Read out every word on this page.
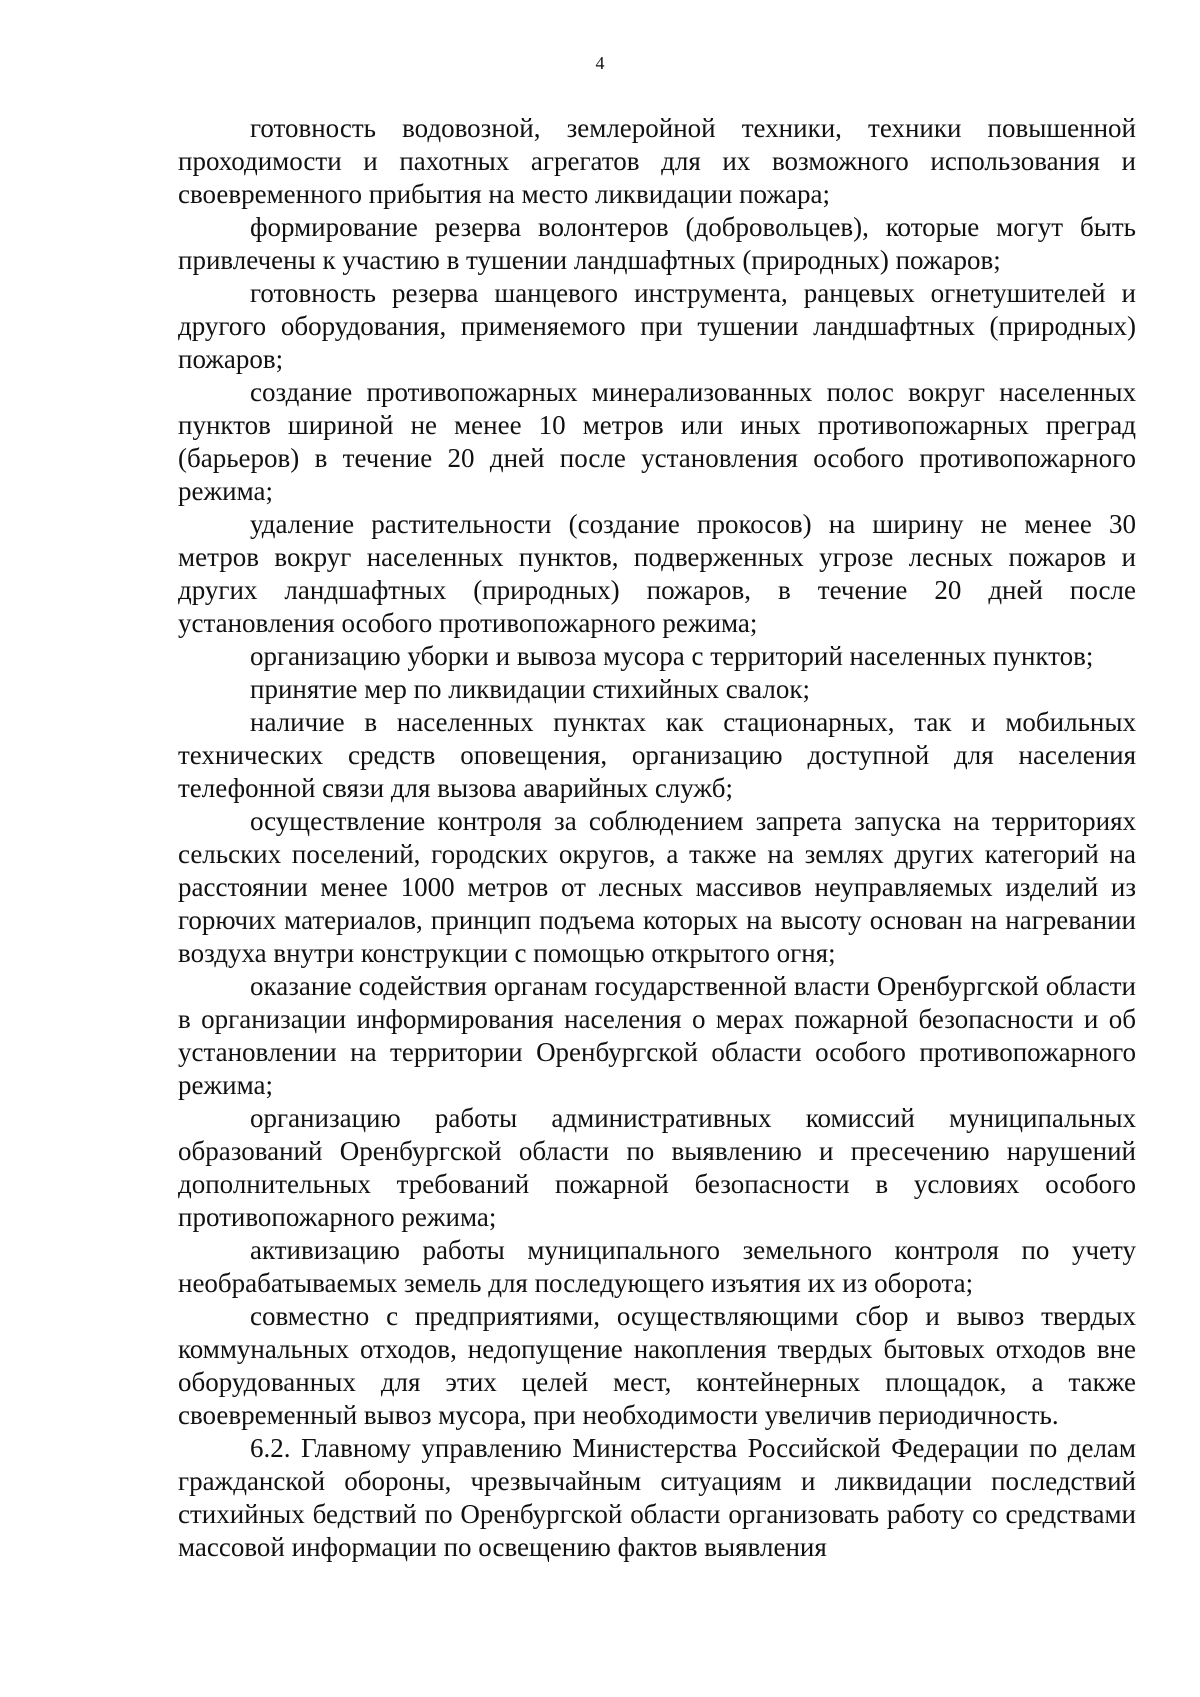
4

готовность водовозной, землеройной техники, техники повышенной проходимости и пахотных агрегатов для их возможного использования и своевременного прибытия на место ликвидации пожара;

формирование резерва волонтеров (добровольцев), которые могут быть привлечены к участию в тушении ландшафтных (природных) пожаров;

готовность резерва шанцевого инструмента, ранцевых огнетушителей и другого оборудования, применяемого при тушении ландшафтных (природных) пожаров;

создание противопожарных минерализованных полос вокруг населенных пунктов шириной не менее 10 метров или иных противопожарных преград (барьеров) в течение 20 дней после установления особого противопожарного режима;

удаление растительности (создание прокосов) на ширину не менее 30 метров вокруг населенных пунктов, подверженных угрозе лесных пожаров и других ландшафтных (природных) пожаров, в течение 20 дней после установления особого противопожарного режима;

организацию уборки и вывоза мусора с территорий населенных пунктов;

принятие мер по ликвидации стихийных свалок;

наличие в населенных пунктах как стационарных, так и мобильных технических средств оповещения, организацию доступной для населения телефонной связи для вызова аварийных служб;

осуществление контроля за соблюдением запрета запуска на территориях сельских поселений, городских округов, а также на землях других категорий на расстоянии менее 1000 метров от лесных массивов неуправляемых изделий из горючих материалов, принцип подъема которых на высоту основан на нагревании воздуха внутри конструкции с помощью открытого огня;

оказание содействия органам государственной власти Оренбургской области в организации информирования населения о мерах пожарной безопасности и об установлении на территории Оренбургской области особого противопожарного режима;

организацию работы административных комиссий муниципальных образований Оренбургской области по выявлению и пресечению нарушений дополнительных требований пожарной безопасности в условиях особого противопожарного режима;

активизацию работы муниципального земельного контроля по учету необрабатываемых земель для последующего изъятия их из оборота;

совместно с предприятиями, осуществляющими сбор и вывоз твердых коммунальных отходов, недопущение накопления твердых бытовых отходов вне оборудованных для этих целей мест, контейнерных площадок, а также своевременный вывоз мусора, при необходимости увеличив периодичность.

6.2. Главному управлению Министерства Российской Федерации по делам гражданской обороны, чрезвычайным ситуациям и ликвидации последствий стихийных бедствий по Оренбургской области организовать работу со средствами массовой информации по освещению фактов выявления
